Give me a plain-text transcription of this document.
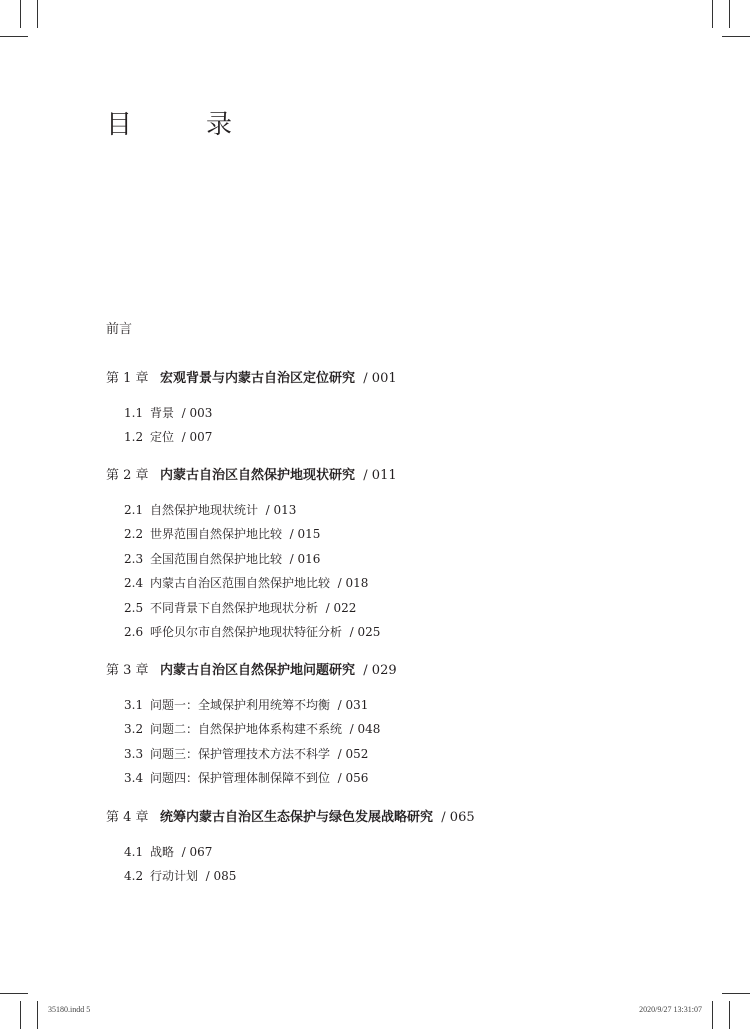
目　录
前言
第 1 章 宏观背景与内蒙古自治区定位研究 / 001
1.1 背景 / 003
1.2 定位 / 007
第 2 章 内蒙古自治区自然保护地现状研究 / 011
2.1 自然保护地现状统计 / 013
2.2 世界范围自然保护地比较 / 015
2.3 全国范围自然保护地比较 / 016
2.4 内蒙古自治区范围自然保护地比较 / 018
2.5 不同背景下自然保护地现状分析 / 022
2.6 呼伦贝尔市自然保护地现状特征分析 / 025
第 3 章 内蒙古自治区自然保护地问题研究 / 029
3.1 问题一：全域保护利用统筹不均衡 / 031
3.2 问题二：自然保护地体系构建不系统 / 048
3.3 问题三：保护管理技术方法不科学 / 052
3.4 问题四：保护管理体制保障不到位 / 056
第 4 章 统筹内蒙古自治区生态保护与绿色发展战略研究 / 065
4.1 战略 / 067
4.2 行动计划 / 085
35180.indd 5	2020/9/27 13:31:07
